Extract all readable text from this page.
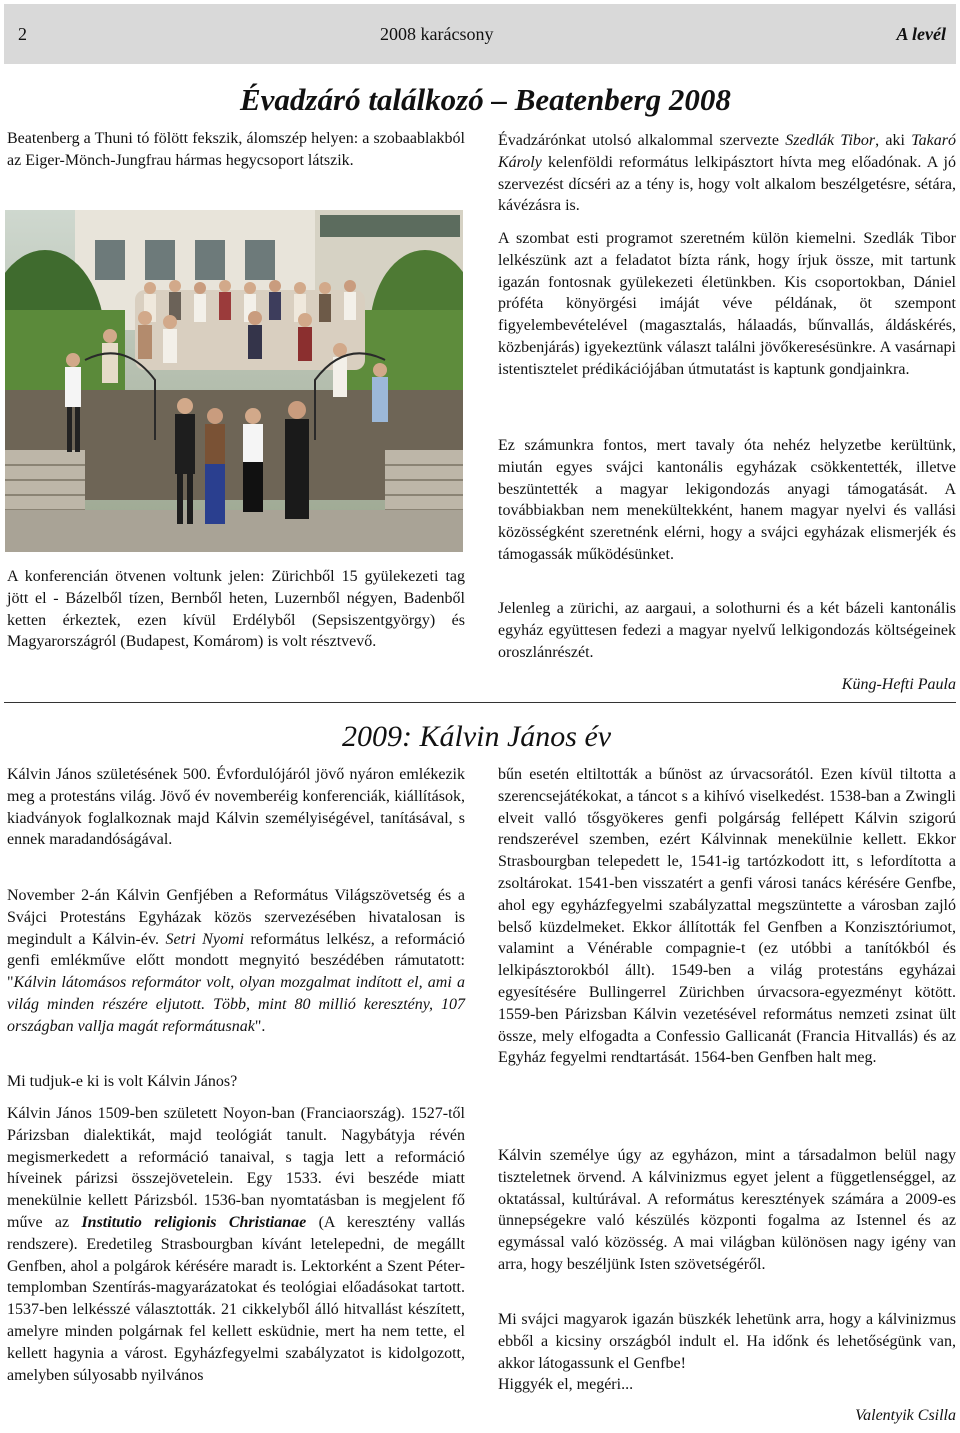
2	2008 karácsony	A levél
Évadzáró találkozó – Beatenberg 2008

Beatenberg a Thuni tó fölött fekszik, álomszép helyen: a szobaablakból az Eiger-Mönch-Jungfrau hármas hegycsoport látszik.

A konferencián ötvenen voltunk jelen: Zürichből 15 gyülekezeti tag jött el - Bázelből tízen, Bernből heten, Luzernből négyen, Badenből ketten érkeztek, ezen kívül Erdélyből (Sepsiszentgyörgy) és Magyarországról (Budapest, Komárom) is volt résztvevő.

Évadzárónkat utolsó alkalommal szervezte Szedlák Tibor, aki Takaró Károly kelenföldi református lelkipásztort hívta meg előadónak. A jó szervezést dícséri az a tény is, hogy volt alkalom beszélgetésre, sétára, kávézásra is.

A szombat esti programot szeretném külön kiemelni. Szedlák Tibor lelkészünk azt a feladatot bízta ránk, hogy írjuk össze, mit tartunk igazán fontosnak gyülekezeti életünkben. Kis csoportokban, Dániel próféta könyörgési imáját véve példának, öt szempont figyelembevételével (magasztalás, hálaadás, bűnvallás, áldáskérés, közbenjárás) igyekeztünk választ találni jövőkeresésünkre. A vasárnapi istentisztelet prédikációjában útmutatást is kaptunk gondjainkra.

Ez számunkra fontos, mert tavaly óta nehéz helyzetbe kerültünk, miután egyes svájci kantonális egyházak csökkentették, illetve beszüntették a magyar lekigondozás anyagi támogatását. A továbbiakban nem menekültekként, hanem magyar nyelvi és vallási közösségként szeretnénk elérni, hogy a svájci egyházak elismerjék és támogassák működésünket.

Jelenleg a zürichi, az aargaui, a solothurni és a két bázeli kantonális egyház együttesen fedezi a magyar nyelvű lelkigondozás költségeinek oroszlánrészét.

Küng-Hefti Paula
2009: Kálvin János év

Kálvin János születésének 500. Évfordulójáról jövő nyáron emlékezik meg a protestáns világ. Jövő év novemberéig konferenciák, kiállítások, kiadványok foglalkoznak majd Kálvin személyiségével, tanításával, s ennek maradandóságával.

November 2-án Kálvin Genfjében a Református Világszövetség és a Svájci Protestáns Egyházak közös szervezésében hivatalosan is megindult a Kálvin-év. Setri Nyomi református lelkész, a reformáció genfi emlékműve előtt mondott megnyitó beszédében rámutatott: "Kálvin látomásos reformátor volt, olyan mozgalmat indított el, ami a világ minden részére eljutott. Több, mint 80 millió keresztény, 107 országban vallja magát reformátusnak".

Mi tudjuk-e ki is volt Kálvin János?

Kálvin János 1509-ben született Noyon-ban (Franciaország). 1527-től Párizsban dialektikát, majd teológiát tanult. Nagybátyja révén megismerkedett a reformáció tanaival, s tagja lett a reformáció híveinek párizsi összejövetelein. Egy 1533. évi beszéde miatt menekülnie kellett Párizsból. 1536-ban nyomtatásban is megjelent fő műve az Institutio religionis Christianae (A keresztény vallás rendszere). Eredetileg Strasbourgban kívánt letelepedni, de megállt Genfben, ahol a polgárok kérésére maradt is. Lektorként a Szent Péter-templomban Szentírás-magyarázatokat és teológiai előadásokat tartott. 1537-ben lelkésszé választották. 21 cikkelyből álló hitvallást készített, amelyre minden polgárnak fel kellett esküdnie, mert ha nem tette, el kellett hagynia a várost. Egyházfegyelmi szabályzatot is kidolgozott, amelyben súlyosabb nyilvános

bűn esetén eltiltották a bűnöst az úrvacsorától. Ezen kívül tiltotta a szerencsejátékokat, a táncot s a kihívó viselkedést. 1538-ban a Zwingli elveit valló tősgyökeres genfi polgárság fellépett Kálvin szigorú rendszerével szemben, ezért Kálvinnak menekülnie kellett. Ekkor Strasbourgban telepedett le, 1541-ig tartózkodott itt, s lefordította a zsoltárokat. 1541-ben visszatért a genfi városi tanács kérésére Genfbe, ahol egy egyházfegyelmi szabályzattal megszüntette a városban zajló belső küzdelmeket. Ekkor állították fel Genfben a Konzisztóriumot, valamint a Vénérable compagnie-t (ez utóbbi a tanítókból és lelkipásztorokból állt). 1549-ben a világ protestáns egyházai egyesítésére Bullingerrel Zürichben úrvacsora-egyezményt kötött. 1559-ben Párizsban Kálvin vezetésével református nemzeti zsinat ült össze, mely elfogadta a Confessio Gallicanát (Francia Hitvallás) és az Egyház fegyelmi rendtartását. 1564-ben Genfben halt meg.

Kálvin személye úgy az egyházon, mint a társadalmon belül nagy tiszteletnek örvend. A kálvinizmus egyet jelent a függetlenséggel, az oktatással, kultúrával. A református keresztények számára a 2009-es ünnepségekre való készülés központi fogalma az Istennel és az egymással való közösség. A mai világban különösen nagy igény van arra, hogy beszéljünk Isten szövetségéről.

Mi svájci magyarok igazán büszkék lehetünk arra, hogy a kálvinizmus ebből a kicsiny országból indult el. Ha időnk és lehetőségünk van, akkor látogassunk el Genfbe!
Higgyék el, megéri...

Valentyik Csilla
